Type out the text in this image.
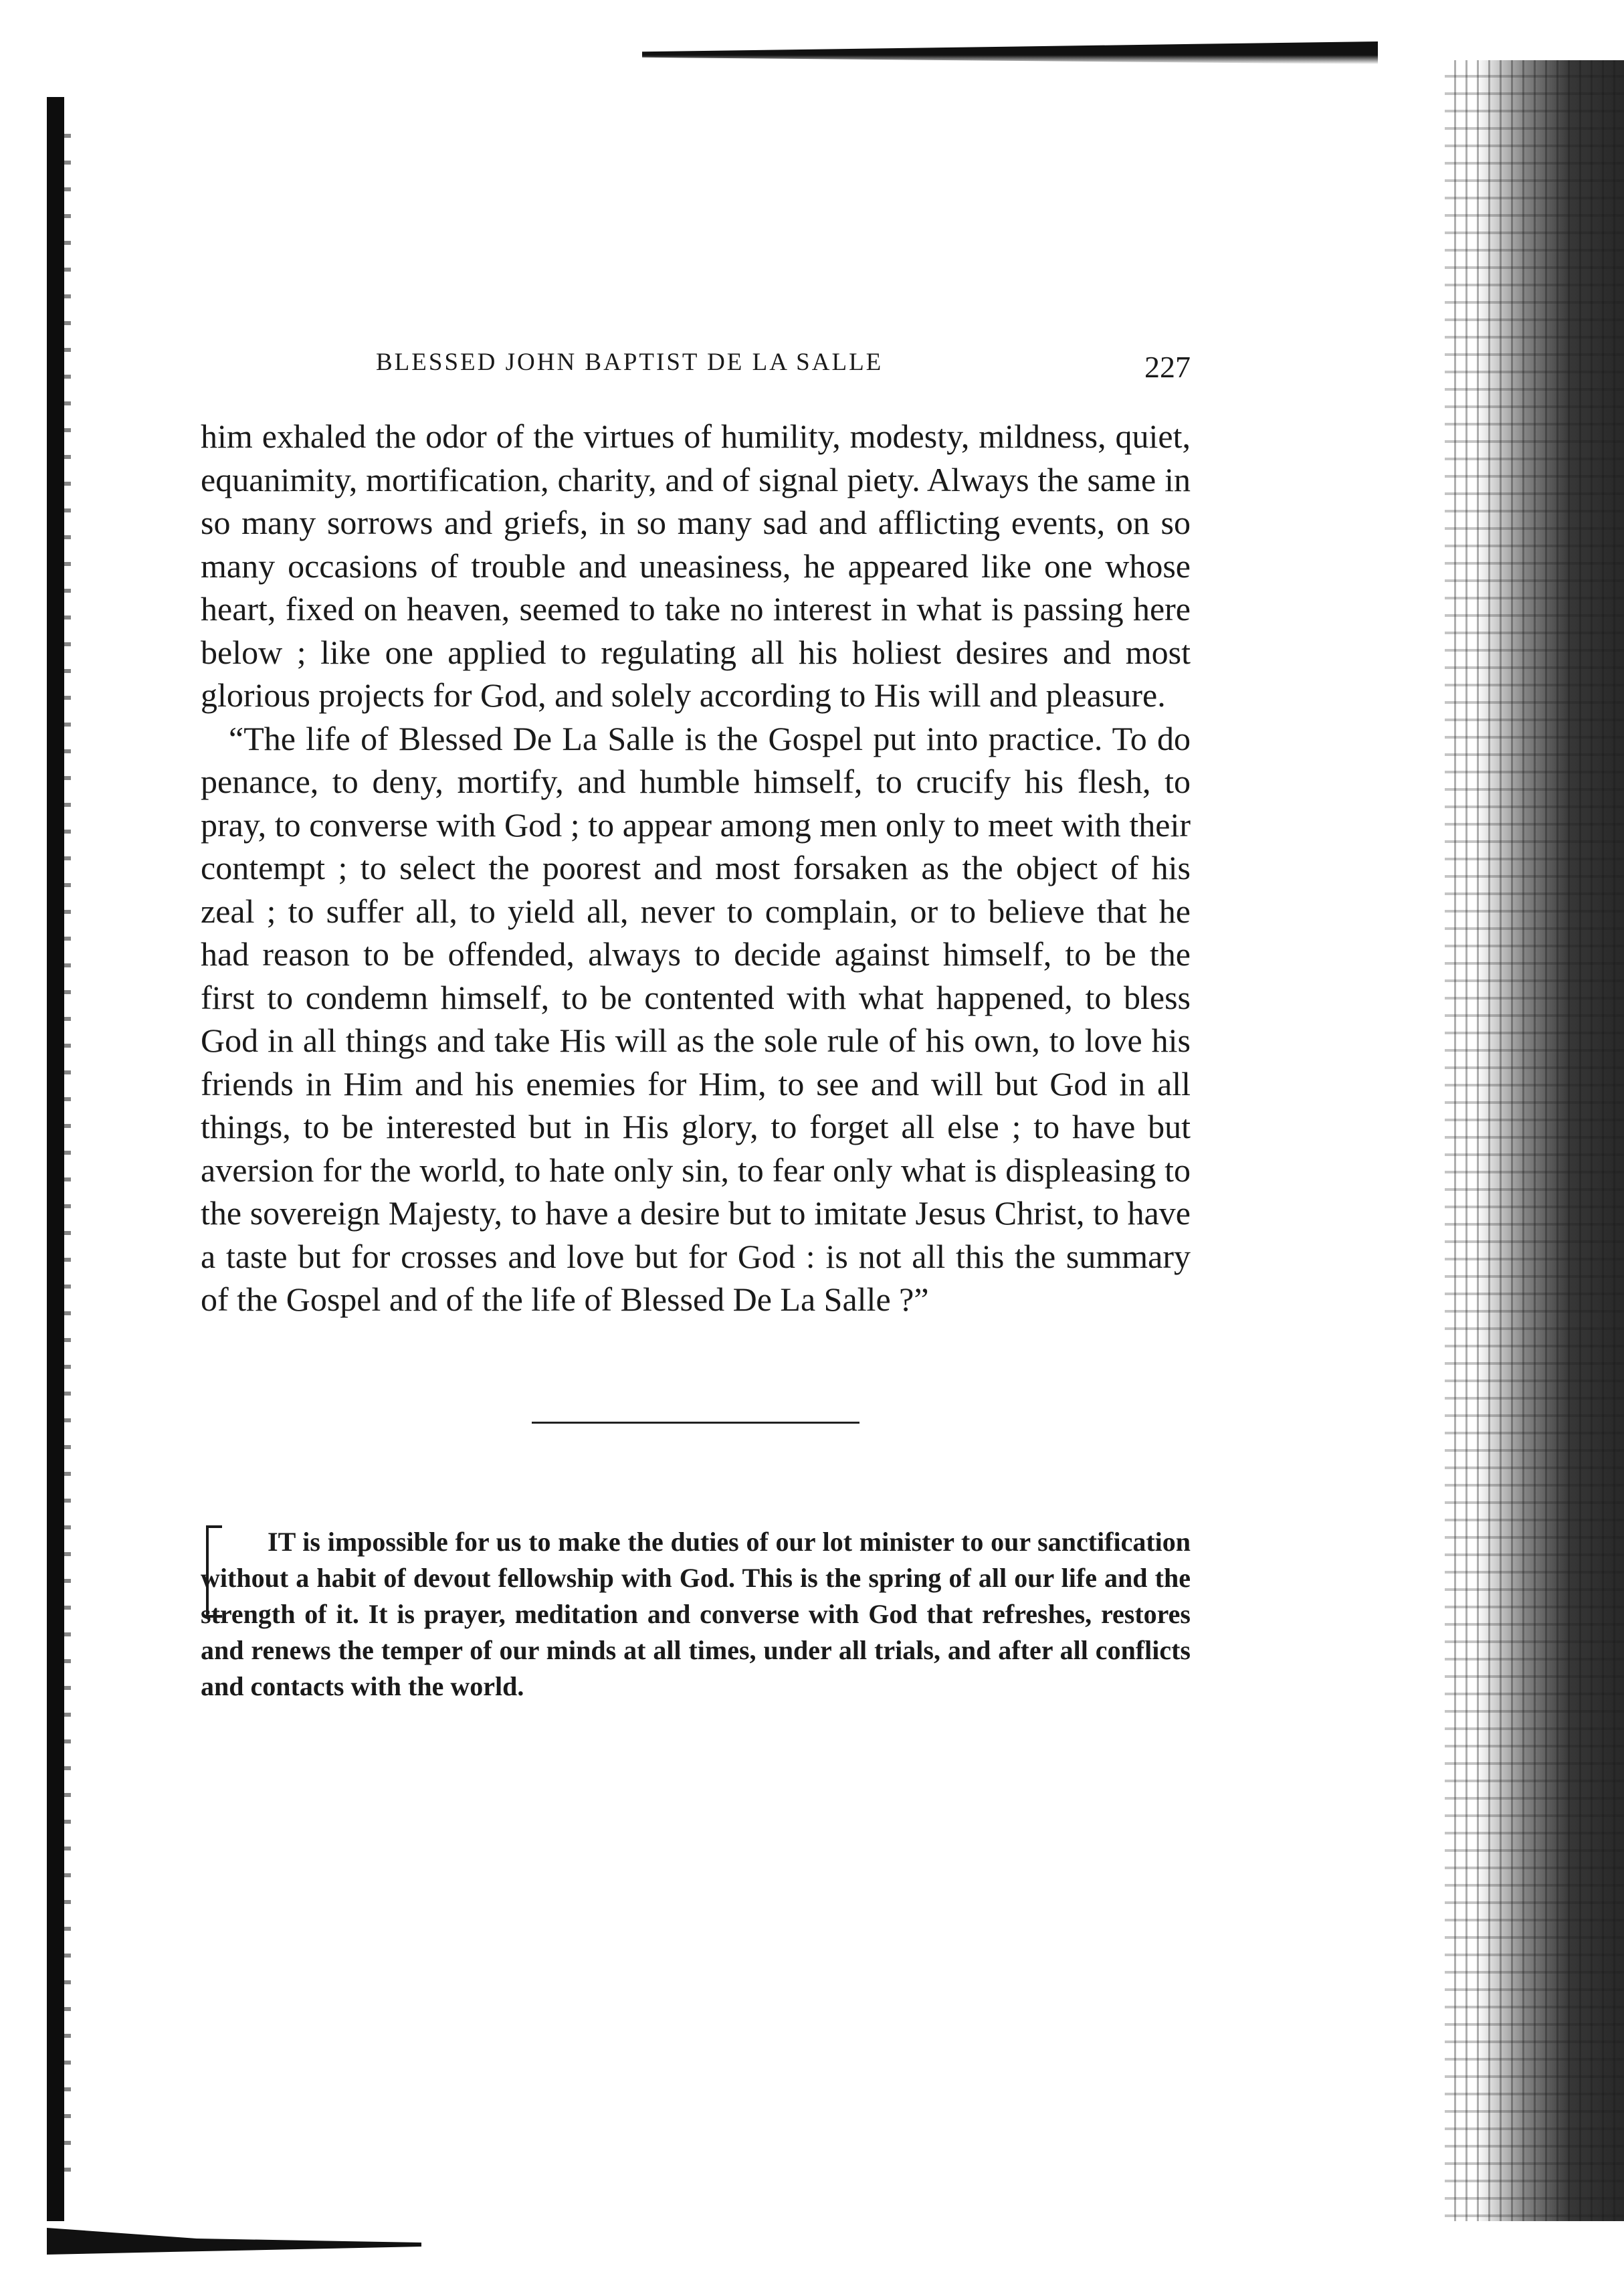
BLESSED JOHN BAPTIST DE LA SALLE	227

him exhaled the odor of the virtues of humility, modesty, mildness, quiet, equanimity, mortification, charity, and of signal piety. Always the same in so many sorrows and griefs, in so many sad and afflicting events, on so many occasions of trouble and uneasiness, he appeared like one whose heart, fixed on heaven, seemed to take no interest in what is passing here below ; like one applied to regulating all his holiest desires and most glorious projects for God, and solely according to His will and pleasure.

“The life of Blessed De La Salle is the Gospel put into practice. To do penance, to deny, mortify, and humble himself, to crucify his flesh, to pray, to converse with God ; to appear among men only to meet with their contempt ; to select the poorest and most forsaken as the object of his zeal ; to suffer all, to yield all, never to complain, or to believe that he had reason to be offended, always to decide against himself, to be the first to condemn himself, to be contented with what happened, to bless God in all things and take His will as the sole rule of his own, to love his friends in Him and his enemies for Him, to see and will but God in all things, to be interested but in His glory, to forget all else ; to have but aversion for the world, to hate only sin, to fear only what is displeasing to the sovereign Majesty, to have a desire but to imitate Jesus Christ, to have a taste but for crosses and love but for God : is not all this the summary of the Gospel and of the life of Blessed De La Salle ?”

IT is impossible for us to make the duties of our lot minister to our sanctification without a habit of devout fellowship with God. This is the spring of all our life and the strength of it. It is prayer, meditation and converse with God that refreshes, restores and renews the temper of our minds at all times, under all trials, and after all conflicts and contacts with the world.
